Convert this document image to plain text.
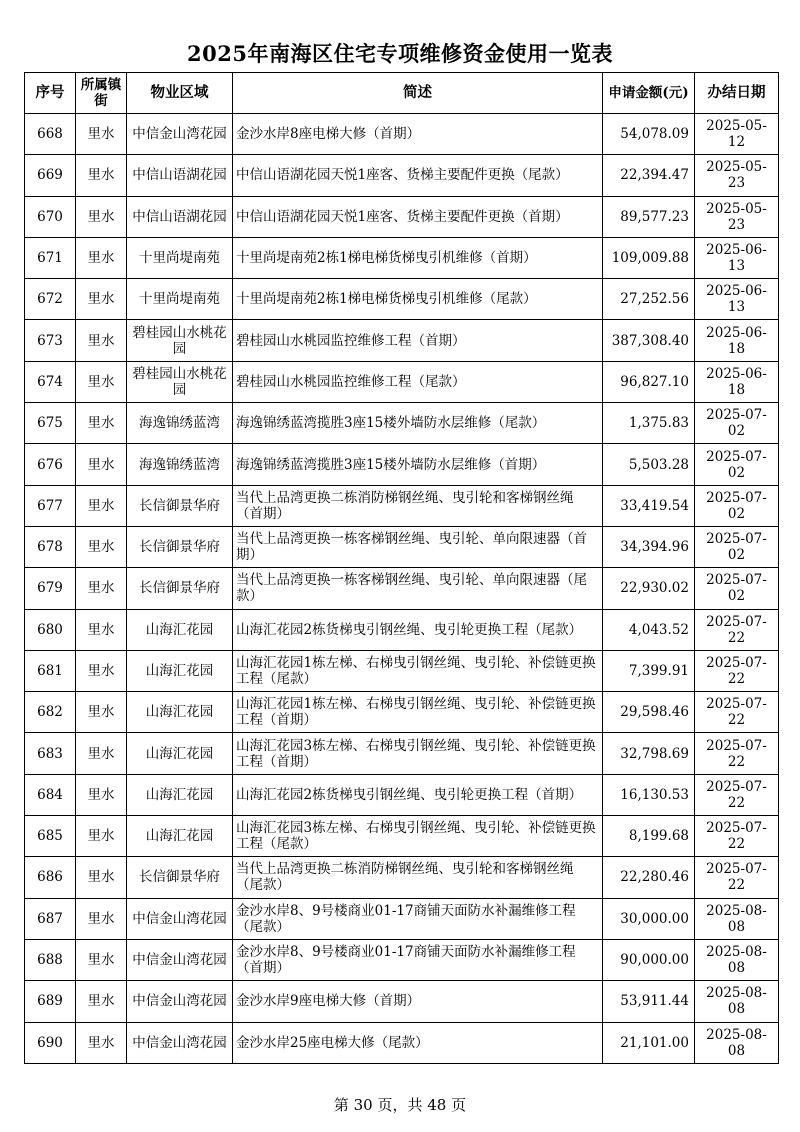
2025年南海区住宅专项维修资金使用一览表
序号	所属镇街	物业区域	简述	申请金额(元)	办结日期
668	里水	中信金山湾花园	金沙水岸8座电梯大修（首期）	54,078.09	2025-05-12
669	里水	中信山语湖花园	中信山语湖花园天悦1座客、货梯主要配件更换（尾款）	22,394.47	2025-05-23
670	里水	中信山语湖花园	中信山语湖花园天悦1座客、货梯主要配件更换（首期）	89,577.23	2025-05-23
671	里水	十里尚堤南苑	十里尚堤南苑2栋1梯电梯货梯曳引机维修（首期）	109,009.88	2025-06-13
672	里水	十里尚堤南苑	十里尚堤南苑2栋1梯电梯货梯曳引机维修（尾款）	27,252.56	2025-06-13
673	里水	碧桂园山水桃花园	碧桂园山水桃园监控维修工程（首期）	387,308.40	2025-06-18
674	里水	碧桂园山水桃花园	碧桂园山水桃园监控维修工程（尾款）	96,827.10	2025-06-18
675	里水	海逸锦绣蓝湾	海逸锦绣蓝湾揽胜3座15楼外墙防水层维修（尾款）	1,375.83	2025-07-02
676	里水	海逸锦绣蓝湾	海逸锦绣蓝湾揽胜3座15楼外墙防水层维修（首期）	5,503.28	2025-07-02
677	里水	长信御景华府	当代上品湾更换二栋消防梯钢丝绳、曳引轮和客梯钢丝绳（首期）	33,419.54	2025-07-02
678	里水	长信御景华府	当代上品湾更换一栋客梯钢丝绳、曳引轮、单向限速器（首期）	34,394.96	2025-07-02
679	里水	长信御景华府	当代上品湾更换一栋客梯钢丝绳、曳引轮、单向限速器（尾款）	22,930.02	2025-07-02
680	里水	山海汇花园	山海汇花园2栋货梯曳引钢丝绳、曳引轮更换工程（尾款）	4,043.52	2025-07-22
681	里水	山海汇花园	山海汇花园1栋左梯、右梯曳引钢丝绳、曳引轮、补偿链更换工程（尾款）	7,399.91	2025-07-22
682	里水	山海汇花园	山海汇花园1栋左梯、右梯曳引钢丝绳、曳引轮、补偿链更换工程（首期）	29,598.46	2025-07-22
683	里水	山海汇花园	山海汇花园3栋左梯、右梯曳引钢丝绳、曳引轮、补偿链更换工程（首期）	32,798.69	2025-07-22
684	里水	山海汇花园	山海汇花园2栋货梯曳引钢丝绳、曳引轮更换工程（首期）	16,130.53	2025-07-22
685	里水	山海汇花园	山海汇花园3栋左梯、右梯曳引钢丝绳、曳引轮、补偿链更换工程（尾款）	8,199.68	2025-07-22
686	里水	长信御景华府	当代上品湾更换二栋消防梯钢丝绳、曳引轮和客梯钢丝绳（尾款）	22,280.46	2025-07-22
687	里水	中信金山湾花园	金沙水岸8、9号楼商业01-17商铺天面防水补漏维修工程（尾款）	30,000.00	2025-08-08
688	里水	中信金山湾花园	金沙水岸8、9号楼商业01-17商铺天面防水补漏维修工程（首期）	90,000.00	2025-08-08
689	里水	中信金山湾花园	金沙水岸9座电梯大修（首期）	53,911.44	2025-08-08
690	里水	中信金山湾花园	金沙水岸25座电梯大修（尾款）	21,101.00	2025-08-08
第 30 页，共 48 页
